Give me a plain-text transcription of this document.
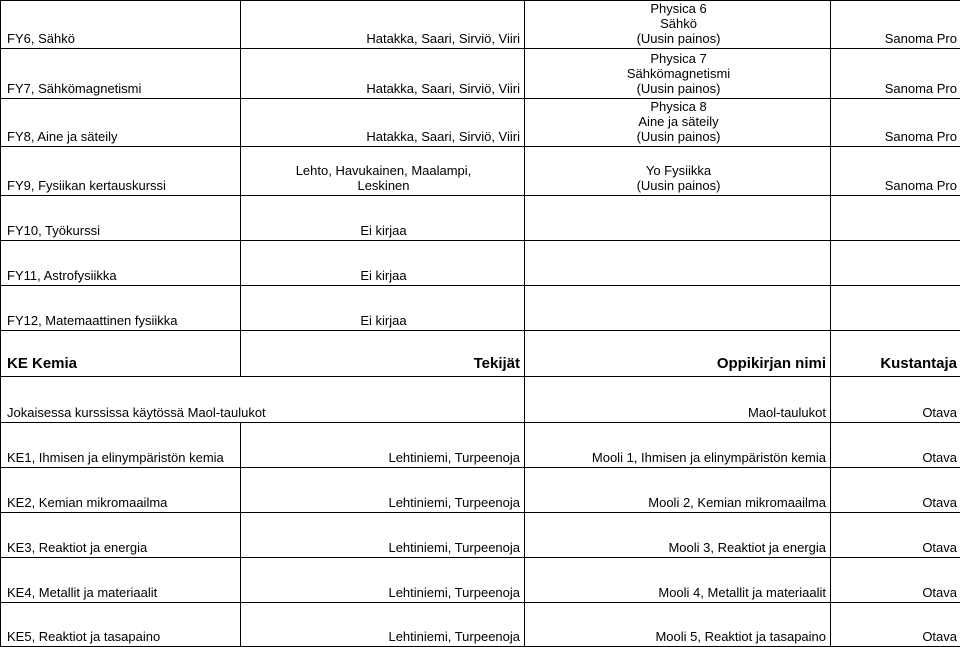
FY6, Sähkö	Hatakka, Saari, Sirviö, Viiri	Physica 6
Sähkö
(Uusin painos)	Sanoma Pro
FY7, Sähkömagnetismi	Hatakka, Saari, Sirviö, Viiri	Physica 7
Sähkömagnetismi
(Uusin painos)	Sanoma Pro
FY8, Aine ja säteily	Hatakka, Saari, Sirviö, Viiri	Physica 8
Aine ja säteily
(Uusin painos)	Sanoma Pro
FY9, Fysiikan kertauskurssi	Lehto, Havukainen, Maalampi,
Leskinen	Yo Fysiikka
(Uusin painos)	Sanoma Pro
FY10, Työkurssi	Ei kirjaa		
FY11, Astrofysiikka	Ei kirjaa		
FY12, Matemaattinen fysiikka	Ei kirjaa		
KE Kemia	Tekijät	Oppikirjan nimi	Kustantaja
Jokaisessa kurssissa käytössä Maol-taulukot		Maol-taulukot	Otava
KE1, Ihmisen ja elinympäristön kemia	Lehtiniemi, Turpeenoja	Mooli 1, Ihmisen ja elinympäristön kemia	Otava
KE2, Kemian mikromaailma	Lehtiniemi, Turpeenoja	Mooli 2, Kemian mikromaailma	Otava
KE3, Reaktiot ja energia	Lehtiniemi, Turpeenoja	Mooli 3, Reaktiot ja energia	Otava
KE4, Metallit ja materiaalit	Lehtiniemi, Turpeenoja	Mooli 4, Metallit ja materiaalit	Otava
KE5, Reaktiot ja tasapaino	Lehtiniemi, Turpeenoja	Mooli 5, Reaktiot ja tasapaino	Otava
